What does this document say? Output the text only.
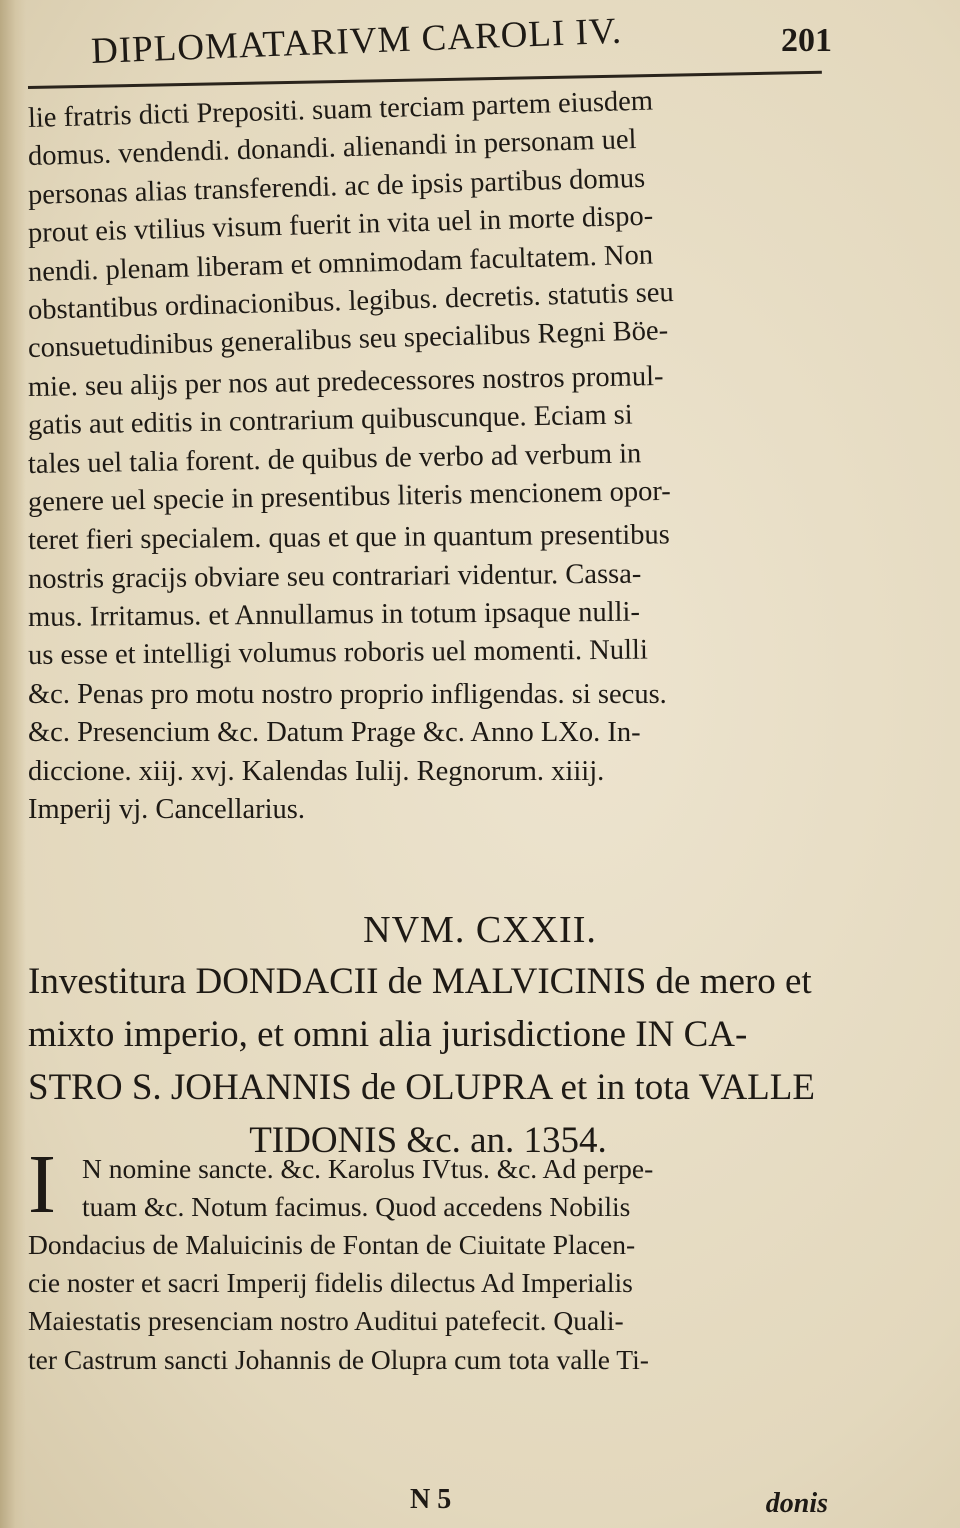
DIPLOMATARIVM CAROLI IV.	201
lie fratris dicti Prepositi. suam terciam partem eiusdem
domus. vendendi. donandi. alienandi in personam uel
personas alias transferendi. ac de ipsis partibus domus
prout eis vtilius visum fuerit in vita uel in morte dispo-
nendi. plenam liberam et omnimodam facultatem. Non
obstantibus ordinacionibus. legibus. decretis. statutis seu
consuetudinibus generalibus seu specialibus Regni Böe-
mie. seu alijs per nos aut predecessores nostros promul-
gatis aut editis in contrarium quibuscunque. Eciam si
tales uel talia forent. de quibus de verbo ad verbum in
genere uel specie in presentibus literis mencionem opor-
teret fieri specialem. quas et que in quantum presentibus
nostris gracijs obviare seu contrariari videntur. Cassa-
mus. Irritamus. et Annullamus in totum ipsaque nulli-
us esse et intelligi volumus roboris uel momenti. Nulli
&c. Penas pro motu nostro proprio infligendas. si secus.
&c. Presencium &c. Datum Prage &c. Anno LXo. In-
diccione. xiij. xvj. Kalendas Iulij. Regnorum. xiiij.
Imperij vj. Cancellarius.
NVM. CXXII.
Investitura DONDACII de MALVICINIS de mero et
mixto imperio, et omni alia jurisdictione IN CA-
STRO S. JOHANNIS de OLUPRA et in tota VALLE
TIDONIS &c. an. 1354.
I N nomine sancte. &c. Karolus IVtus. &c. Ad perpe-
tuam &c. Notum facimus. Quod accedens Nobilis
Dondacius de Maluicinis de Fontan de Ciuitate Placen-
cie noster et sacri Imperij fidelis dilectus Ad Imperialis
Maiestatis presenciam nostro Auditui patefecit. Quali-
ter Castrum sancti Johannis de Olupra cum tota valle Ti-
N 5	donis
